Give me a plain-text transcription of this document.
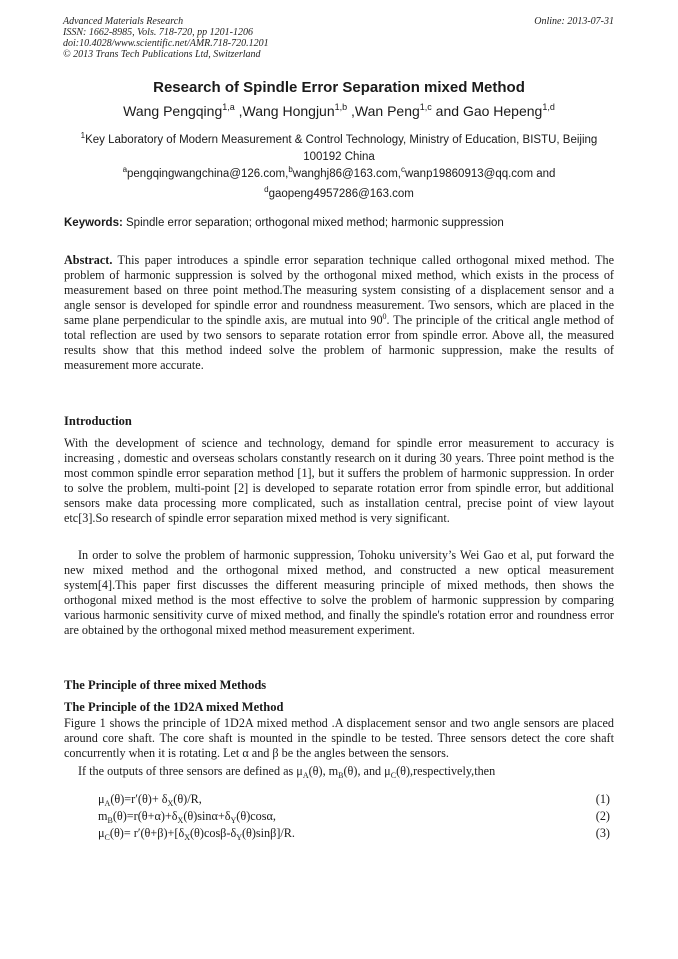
Advanced Materials Research
ISSN: 1662-8985, Vols. 718-720, pp 1201-1206
doi:10.4028/www.scientific.net/AMR.718-720.1201
© 2013 Trans Tech Publications Ltd, Switzerland
Online: 2013-07-31
Research of Spindle Error Separation mixed Method
Wang Pengqing$^{1,a}$ ,Wang Hongjun$^{1,b}$ ,Wan Peng$^{1,c}$ and Gao Hepeng$^{1,d}$
$^1$Key Laboratory of Modern Measurement & Control Technology, Ministry of Education, BISTU, Beijing 100192 China
$^a$pengqingwangchina@126.com,$^b$wanghj86@163.com,$^c$wanp19860913@qq.com and
$^d$gaopeng4957286@163.com
Keywords: Spindle error separation; orthogonal mixed method; harmonic suppression
Abstract. This paper introduces a spindle error separation technique called orthogonal mixed method. The problem of harmonic suppression is solved by the orthogonal mixed method, which exists in the process of measurement based on three point method.The measuring system consisting of a displacement sensor and a angle sensor is developed for spindle error and roundness measurement. Two sensors, which are placed in the same plane perpendicular to the spindle axis, are mutual into $90^0$. The principle of the critical angle method of total reflection are used by two sensors to separate rotation error from spindle error. Above all, the measured results show that this method indeed solve the problem of harmonic suppression, make the results of measurement more accurate.
Introduction
With the development of science and technology, demand for spindle error measurement to accuracy is increasing , domestic and overseas scholars constantly research on it during 30 years. Three point method is the most common spindle error separation method [1], but it suffers the problem of harmonic suppression. In order to solve the problem, multi-point [2] is developed to separate rotation error from spindle error, but additional sensors make data processing more complicated, such as installation central, precise point of view layout etc[3].So research of spindle error separation mixed method is very significant.
In order to solve the problem of harmonic suppression, Tohoku university’s Wei Gao et al, put forward the new mixed method and the orthogonal mixed method, and constructed a new optical measurement system[4].This paper first discusses the different measuring principle of mixed methods, then shows the orthogonal mixed method is the most effective to solve the problem of harmonic suppression by comparing various harmonic sensitivity curve of mixed method, and finally the spindle's rotation error and roundness error are obtained by the orthogonal mixed method measurement experiment.
The Principle of three mixed Methods
The Principle of the 1D2A mixed Method
Figure 1 shows the principle of 1D2A mixed method .A displacement sensor and two angle sensors are placed around core shaft. The core shaft is mounted in the spindle to be tested. Three sensors detect the core shaft concurrently when it is rotating. Let α and β be the angles between the sensors.
If the outputs of three sensors are defined as $\mu_A(\theta)$, $m_B(\theta)$, and $\mu_C(\theta),respectively,then$
$\mu_A(\theta)=r'(\theta)+ \delta_X(\theta)/R$,	(1)
$m_B(\theta)=r(\theta+\alpha)+\delta_X(\theta)\sin\alpha+\delta_Y(\theta)\cos\alpha$,	(2)
$\mu_C(\theta)= r'(\theta+\beta)+[\delta_X(\theta)\cos\beta-\delta_Y(\theta)\sin\beta]/R$.	(3)
